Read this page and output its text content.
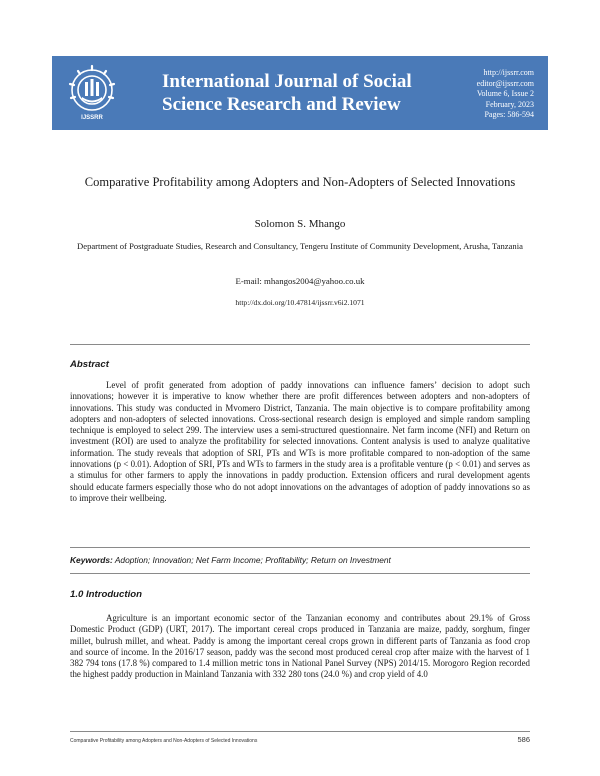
IJSSRR
International Journal of Social
Science Research and Review
http://ijssrr.com
editor@ijssrr.com
Volume 6, Issue 2
February, 2023
Pages: 586-594
Comparative Profitability among Adopters and Non-Adopters of Selected Innovations
Solomon S. Mhango
Department of Postgraduate Studies, Research and Consultancy, Tengeru Institute of Community Development, Arusha, Tanzania
E-mail: mhangos2004@yahoo.co.uk
http://dx.doi.org/10.47814/ijssrr.v6i2.1071
Abstract

Level of profit generated from adoption of paddy innovations can influence famers’ decision to adopt such innovations; however it is imperative to know whether there are profit differences between adopters and non-adopters of innovations. This study was conducted in Mvomero District, Tanzania. The main objective is to compare profitability among adopters and non-adopters of selected innovations. Cross-sectional research design is employed and simple random sampling technique is employed to select 299. The interview uses a semi-structured questionnaire. Net farm income (NFI) and Return on investment (ROI) are used to analyze the profitability for selected innovations. Content analysis is used to analyze qualitative information. The study reveals that adoption of SRI, PTs and WTs is more profitable compared to non-adoption of the same innovations (p < 0.01). Adoption of SRI, PTs and WTs to farmers in the study area is a profitable venture (p < 0.01) and serves as a stimulus for other farmers to apply the innovations in paddy production. Extension officers and rural development agents should educate farmers especially those who do not adopt innovations on the advantages of adoption of paddy innovations so as to improve their wellbeing.

Keywords: Adoption; Innovation; Net Farm Income; Profitability; Return on Investment
1.0 Introduction

Agriculture is an important economic sector of the Tanzanian economy and contributes about 29.1% of Gross Domestic Product (GDP) (URT, 2017). The important cereal crops produced in Tanzania are maize, paddy, sorghum, finger millet, bulrush millet, and wheat. Paddy is among the important cereal crops grown in different parts of Tanzania as food crop and source of income. In the 2016/17 season, paddy was the second most produced cereal crop after maize with the harvest of 1 382 794 tons (17.8 %) compared to 1.4 million metric tons in National Panel Survey (NPS) 2014/15. Morogoro Region recorded the highest paddy production in Mainland Tanzania with 332 280 tons (24.0 %) and crop yield of 4.0

Comparative Profitability among Adopters and Non-Adopters of Selected Innovations	586
